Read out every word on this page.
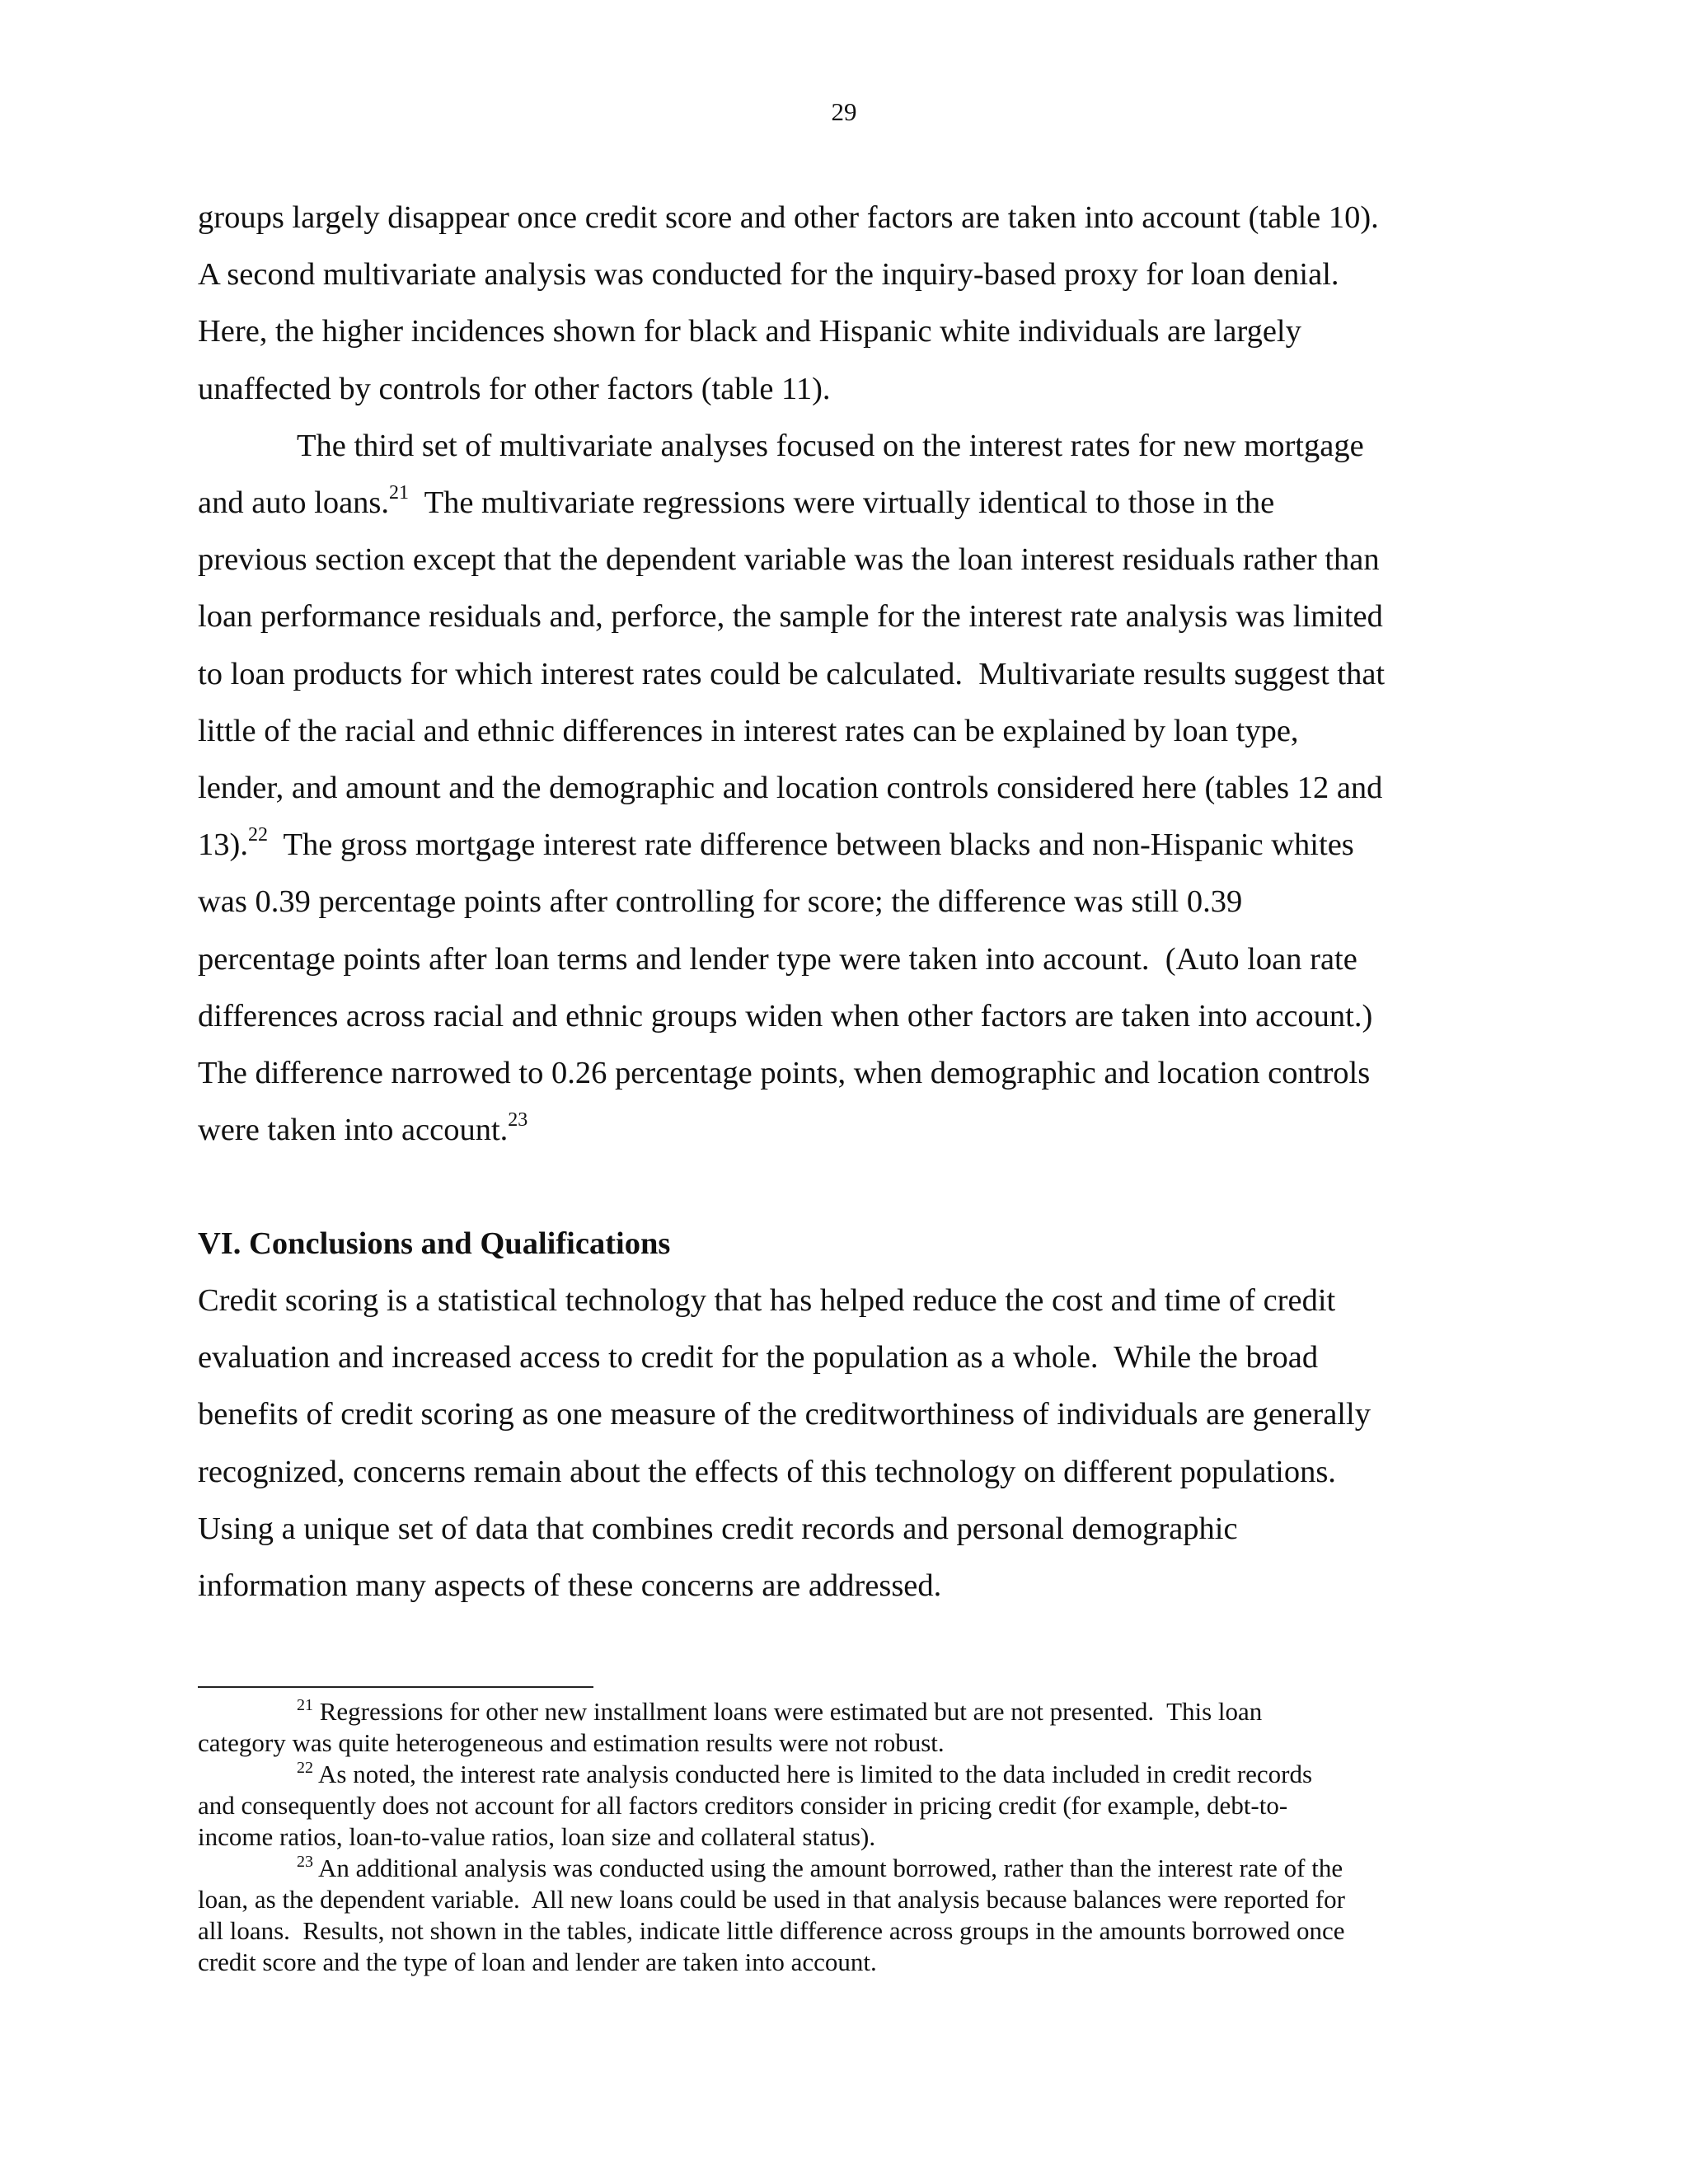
29

groups largely disappear once credit score and other factors are taken into account (table 10).

A second multivariate analysis was conducted for the inquiry-based proxy for loan denial.

Here, the higher incidences shown for black and Hispanic white individuals are largely

unaffected by controls for other factors (table 11).

The third set of multivariate analyses focused on the interest rates for new mortgage

and auto loans.$^{21}$  The multivariate regressions were virtually identical to those in the

previous section except that the dependent variable was the loan interest residuals rather than

loan performance residuals and, perforce, the sample for the interest rate analysis was limited

to loan products for which interest rates could be calculated.  Multivariate results suggest that

little of the racial and ethnic differences in interest rates can be explained by loan type,

lender, and amount and the demographic and location controls considered here (tables 12 and

13).$^{22}$  The gross mortgage interest rate difference between blacks and non-Hispanic whites

was 0.39 percentage points after controlling for score; the difference was still 0.39

percentage points after loan terms and lender type were taken into account.  (Auto loan rate

differences across racial and ethnic groups widen when other factors are taken into account.)

The difference narrowed to 0.26 percentage points, when demographic and location controls

were taken into account.$^{23}$

VI. Conclusions and Qualifications

Credit scoring is a statistical technology that has helped reduce the cost and time of credit

evaluation and increased access to credit for the population as a whole.  While the broad

benefits of credit scoring as one measure of the creditworthiness of individuals are generally

recognized, concerns remain about the effects of this technology on different populations.

Using a unique set of data that combines credit records and personal demographic

information many aspects of these concerns are addressed.

$^{21}$ Regressions for other new installment loans were estimated but are not presented.  This loan

category was quite heterogeneous and estimation results were not robust.

$^{22}$ As noted, the interest rate analysis conducted here is limited to the data included in credit records

and consequently does not account for all factors creditors consider in pricing credit (for example, debt-to-

income ratios, loan-to-value ratios, loan size and collateral status).

$^{23}$ An additional analysis was conducted using the amount borrowed, rather than the interest rate of the

loan, as the dependent variable.  All new loans could be used in that analysis because balances were reported for

all loans.  Results, not shown in the tables, indicate little difference across groups in the amounts borrowed once

credit score and the type of loan and lender are taken into account.
